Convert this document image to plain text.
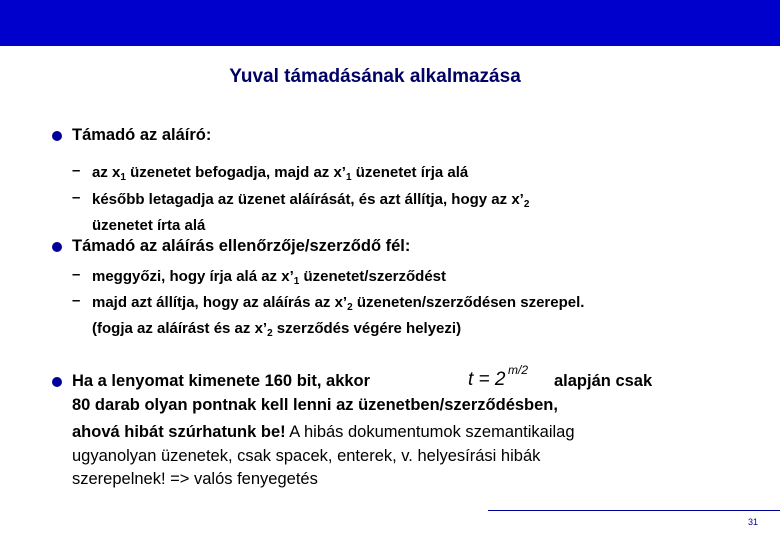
Yuval támadásának alkalmazása
Támadó az aláíró:
– az $x_1$ üzenetet befogadja, majd az $x’_1$ üzenetet írja alá
– később letagadja az üzenet aláírását, és azt állítja, hogy az $x’_2$
üzenetet írta alá
Támadó az aláírás ellenőrzője/szerződő fél:
– meggyőzi, hogy írja alá az $x’_1$ üzenetet/szerződést
– majd azt állítja, hogy az aláírás az $x’_2$ üzeneten/szerződésen szerepel.
(fogja az aláírást és az $x’_2$ szerződés végére helyezi)
t = 2 m/2
Ha a lenyomat kimenete 160 bit, akkor	alapján csak
80 darab olyan pontnak kell lenni az üzenetben/szerződésben,
ahová hibát szúrhatunk be! A hibás dokumentumok szemantikailag
ugyanolyan üzenetek, csak spacek, enterek, v. helyesírási hibák
szerepelnek! => valós fenyegetés
31
